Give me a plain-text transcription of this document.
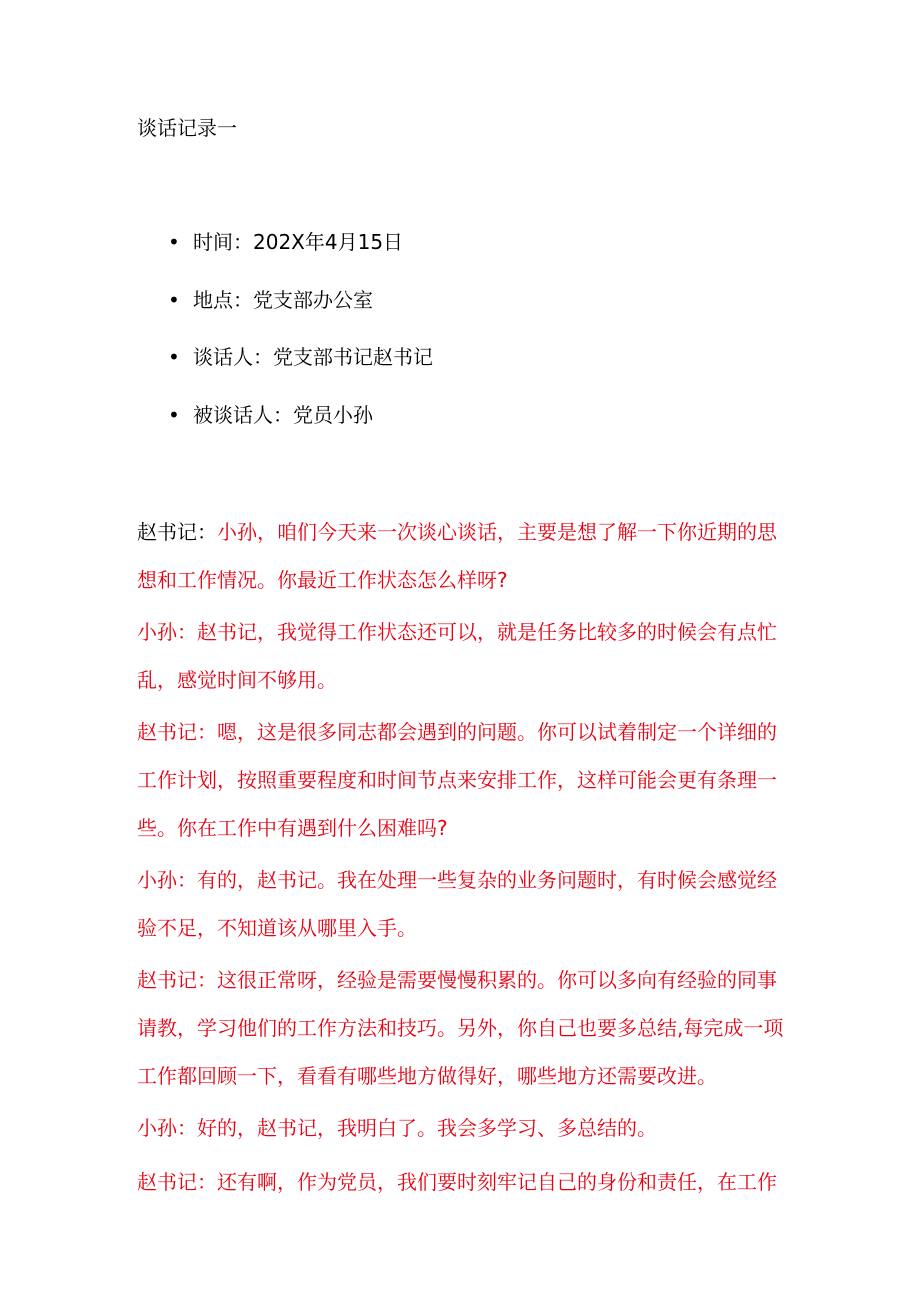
谈话记录一
• 时间：202X年4月15日
• 地点：党支部办公室
• 谈话人：党支部书记赵书记
• 被谈话人：党员小孙

赵书记：小孙，咱们今天来一次谈心谈话，主要是想了解一下你近期的思想和工作情况。你最近工作状态怎么样呀?

小孙：赵书记，我觉得工作状态还可以，就是任务比较多的时候会有点忙乱，感觉时间不够用。

赵书记：嗯，这是很多同志都会遇到的问题。你可以试着制定一个详细的工作计划，按照重要程度和时间节点来安排工作，这样可能会更有条理一些。你在工作中有遇到什么困难吗?

小孙：有的，赵书记。我在处理一些复杂的业务问题时，有时候会感觉经验不足，不知道该从哪里入手。

赵书记：这很正常呀，经验是需要慢慢积累的。你可以多向有经验的同事请教，学习他们的工作方法和技巧。另外，你自己也要多总结,每完成一项工作都回顾一下，看看有哪些地方做得好，哪些地方还需要改进。

小孙：好的，赵书记，我明白了。我会多学习、多总结的。

赵书记：还有啊，作为党员，我们要时刻牢记自己的身份和责任，在工作
